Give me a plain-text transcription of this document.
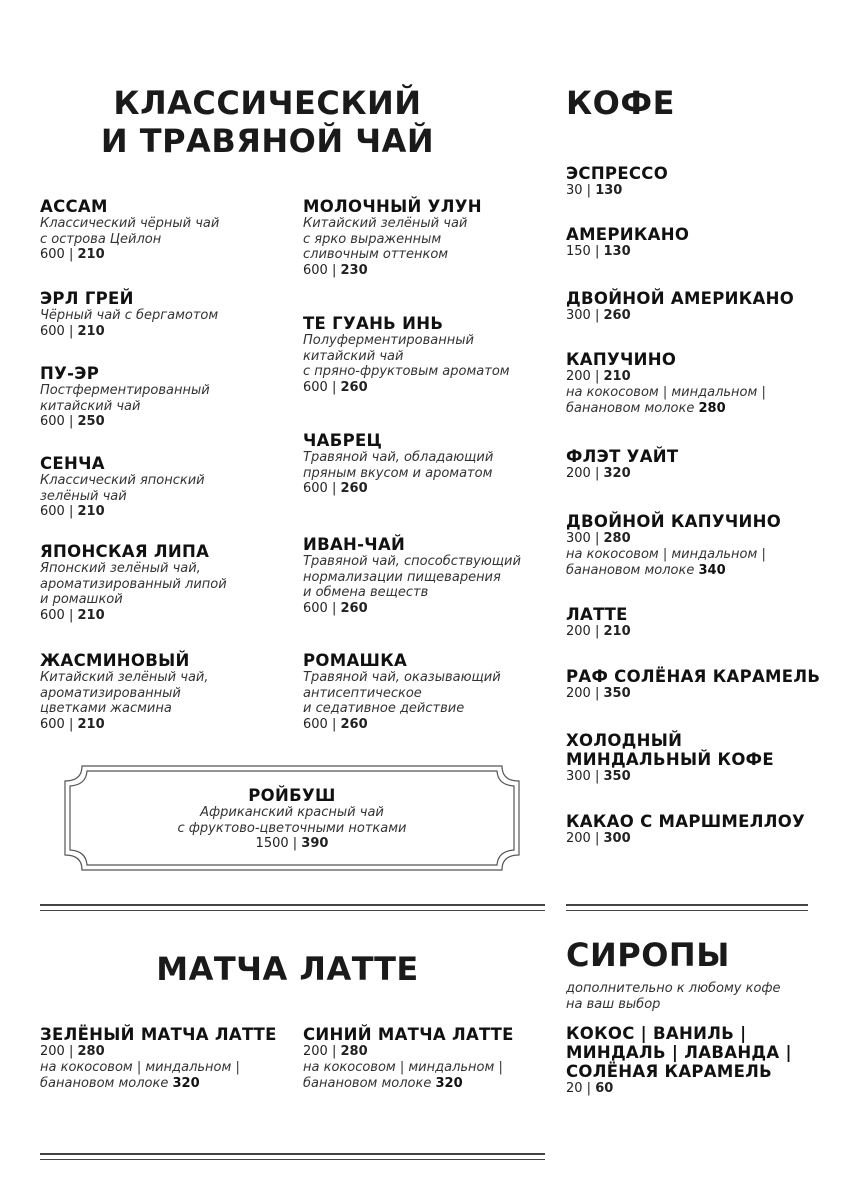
КЛАССИЧЕСКИЙ
И ТРАВЯНОЙ ЧАЙ
КОФЕ
АССАМ
Классический чёрный чай
с острова Цейлон
600 | 210
ЭРЛ ГРЕЙ
Чёрный чай с бергамотом
600 | 210
ПУ-ЭР
Постферментированный
китайский чай
600 | 250
СЕНЧА
Классический японский
зелёный чай
600 | 210
ЯПОНСКАЯ ЛИПА
Японский зелёный чай,
ароматизированный липой
и ромашкой
600 | 210
ЖАСМИНОВЫЙ
Китайский зелёный чай,
ароматизированный
цветками жасмина
600 | 210
МОЛОЧНЫЙ УЛУН
Китайский зелёный чай
с ярко выраженным
сливочным оттенком
600 | 230
ТЕ ГУАНЬ ИНЬ
Полуферментированный
китайский чай
с пряно-фруктовым ароматом
600 | 260
ЧАБРЕЦ
Травяной чай, обладающий
пряным вкусом и ароматом
600 | 260
ИВАН-ЧАЙ
Травяной чай, способствующий
нормализации пищеварения
и обмена веществ
600 | 260
РОМАШКА
Травяной чай, оказывающий
антисептическое
и седативное действие
600 | 260
РОЙБУШ
Африканский красный чай
с фруктово-цветочными нотками
1500 | 390
ЭСПРЕССО
30 | 130
АМЕРИКАНО
150 | 130
ДВОЙНОЙ АМЕРИКАНО
300 | 260
КАПУЧИНО
200 | 210
на кокосовом | миндальном |
банановом молоке 280
ФЛЭТ УАЙТ
200 | 320
ДВОЙНОЙ КАПУЧИНО
300 | 280
на кокосовом | миндальном |
банановом молоке 340
ЛАТТЕ
200 | 210
РАФ СОЛЁНАЯ КАРАМЕЛЬ
200 | 350
ХОЛОДНЫЙ
МИНДАЛЬНЫЙ КОФЕ
300 | 350
КАКАО С МАРШМЕЛЛОУ
200 | 300
МАТЧА ЛАТТЕ
ЗЕЛЁНЫЙ МАТЧА ЛАТТЕ
200 | 280
на кокосовом | миндальном |
банановом молоке 320
СИНИЙ МАТЧА ЛАТТЕ
200 | 280
на кокосовом | миндальном |
банановом молоке 320
СИРОПЫ
дополнительно к любому кофе
на ваш выбор
КОКОС | ВАНИЛЬ |
МИНДАЛЬ | ЛАВАНДА |
СОЛЁНАЯ КАРАМЕЛЬ
20 | 60
